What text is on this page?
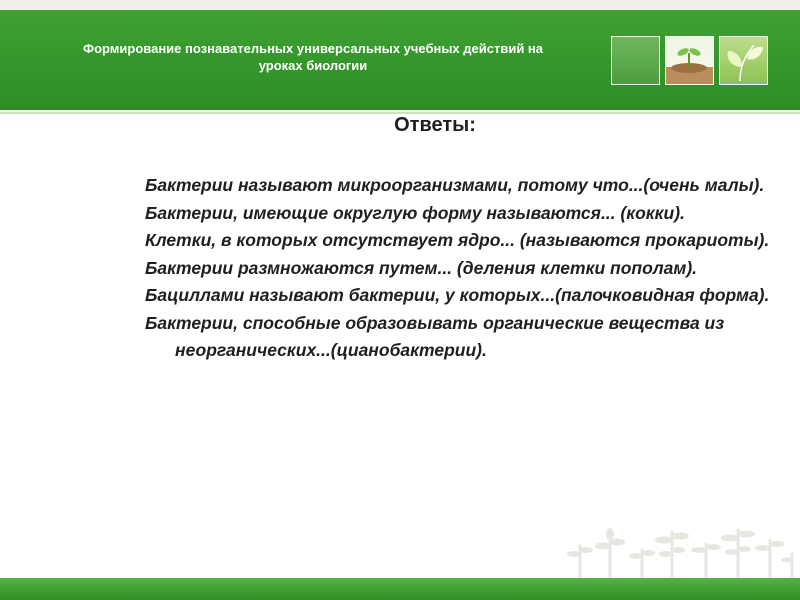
Формирование познавательных универсальных учебных действий на
уроках биологии
Ответы:
Бактерии называют микроорганизмами, потому что...(очень малы).
Бактерии, имеющие округлую форму называются... (кокки).
Клетки, в которых отсутствует ядро... (называются прокариоты).
Бактерии размножаются путем... (деления клетки пополам).
Бациллами называют бактерии, у которых...(палочковидная форма).
Бактерии, способные образовывать органические вещества из неорганических...(цианобактерии).
